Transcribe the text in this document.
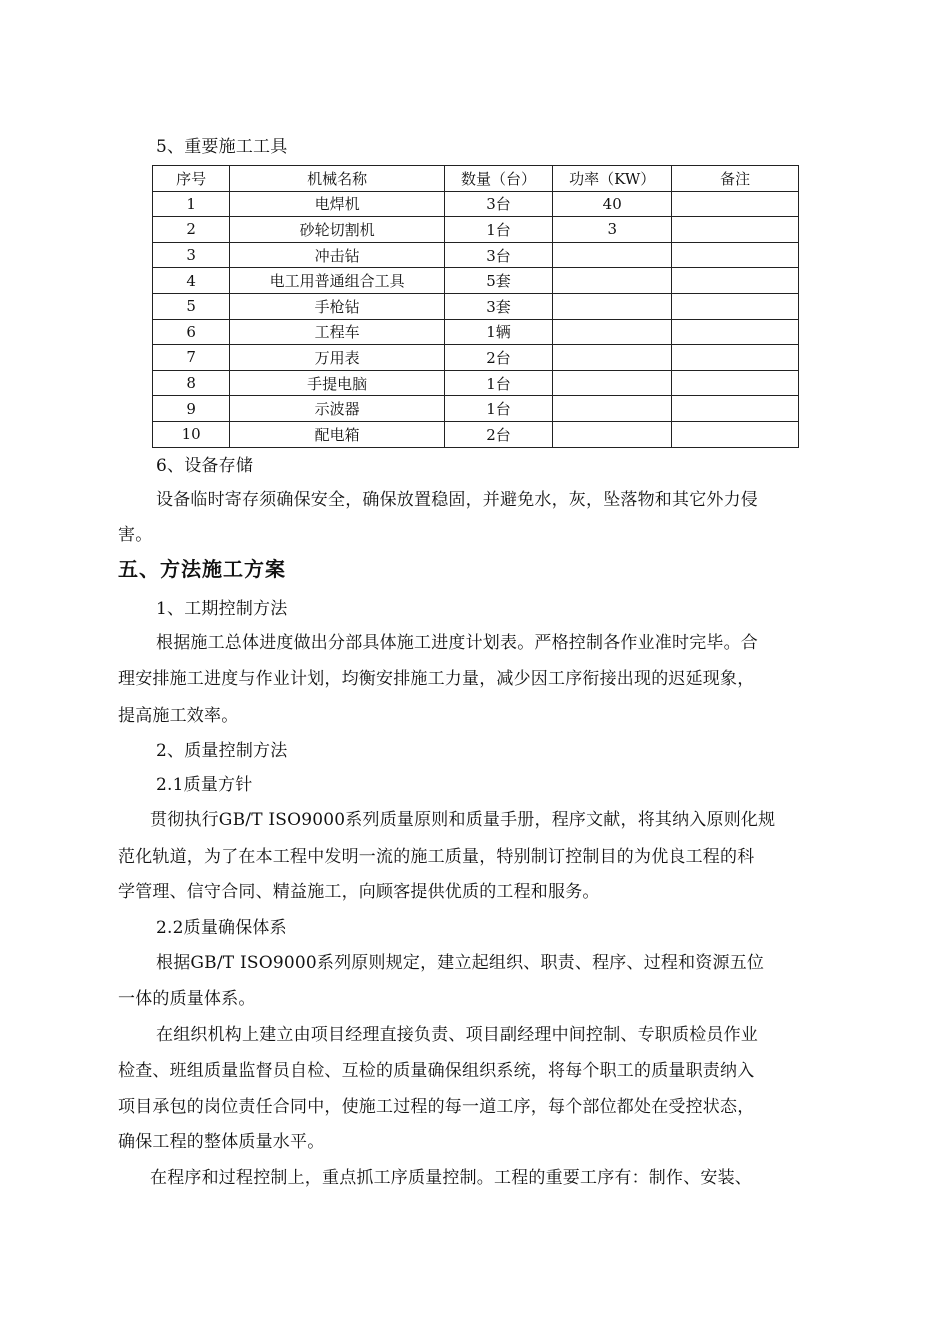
5、重要施工工具
序号	机械名称	数量（台）	功率（KW）	备注
1	电焊机	3台	40	
2	砂轮切割机	1台	3	
3	冲击钻	3台		
4	电工用普通组合工具	5套		
5	手枪钻	3套		
6	工程车	1辆		
7	万用表	2台		
8	手提电脑	1台		
9	示波器	1台		
10	配电箱	2台		
6、设备存储
设备临时寄存须确保安全，确保放置稳固，并避免水，灰，坠落物和其它外力侵
害。
五、方法施工方案
1、工期控制方法
根据施工总体进度做出分部具体施工进度计划表。严格控制各作业准时完毕。合
理安排施工进度与作业计划，均衡安排施工力量，减少因工序衔接出现的迟延现象，
提高施工效率。
2、质量控制方法
2.1质量方针
贯彻执行GB/T ISO9000系列质量原则和质量手册，程序文献，将其纳入原则化规
范化轨道，为了在本工程中发明一流的施工质量，特别制订控制目的为优良工程的科
学管理、信守合同、精益施工，向顾客提供优质的工程和服务。
2.2质量确保体系
根据GB/T ISO9000系列原则规定，建立起组织、职责、程序、过程和资源五位
一体的质量体系。
在组织机构上建立由项目经理直接负责、项目副经理中间控制、专职质检员作业
检查、班组质量监督员自检、互检的质量确保组织系统，将每个职工的质量职责纳入
项目承包的岗位责任合同中，使施工过程的每一道工序，每个部位都处在受控状态，
确保工程的整体质量水平。
在程序和过程控制上，重点抓工序质量控制。工程的重要工序有：制作、安装、
